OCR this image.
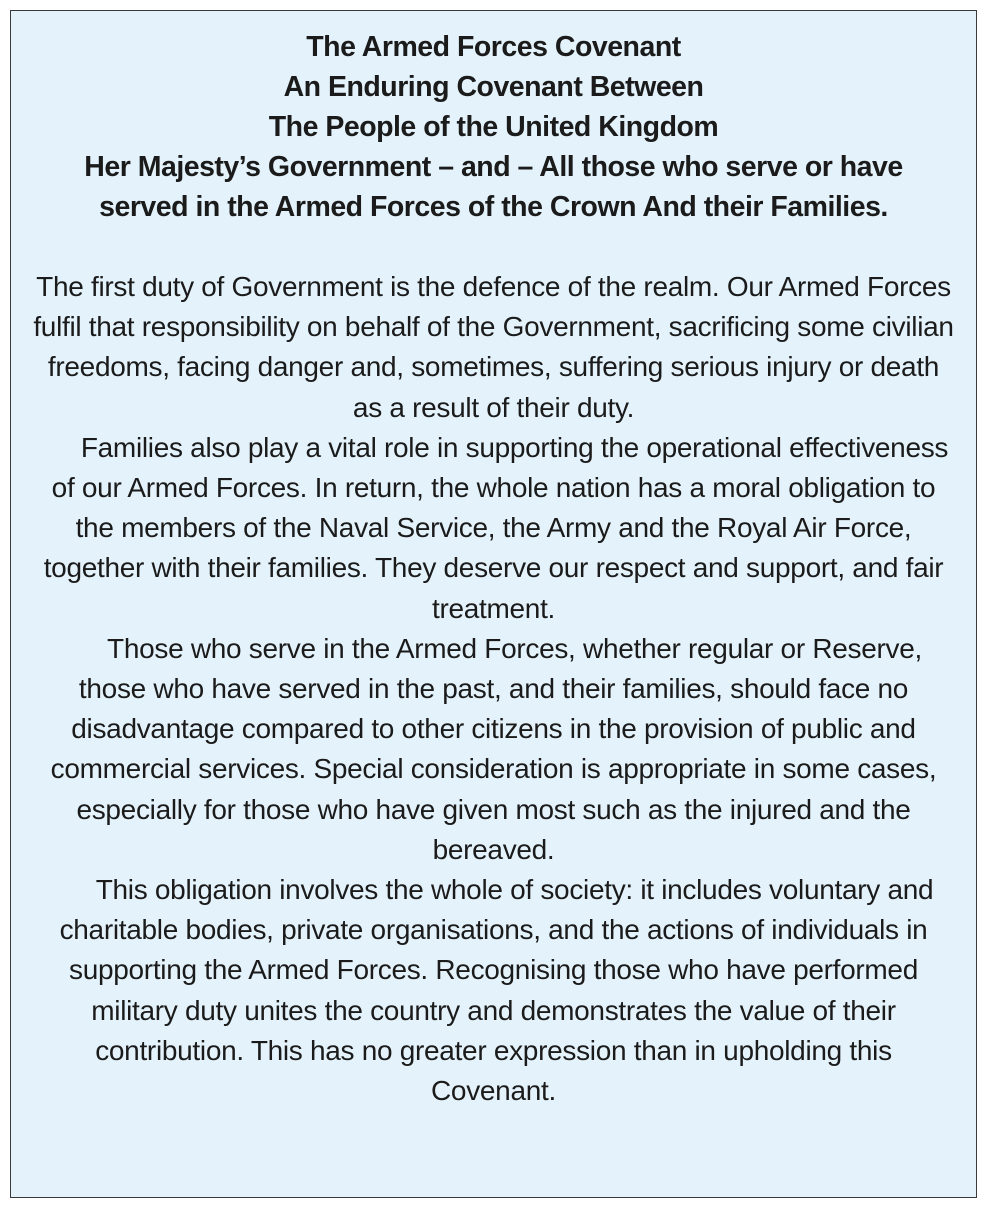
The Armed Forces Covenant
An Enduring Covenant Between
The People of the United Kingdom
Her Majesty’s Government – and – All those who serve or have served in the Armed Forces of the Crown And their Families.

The first duty of Government is the defence of the realm. Our Armed Forces fulfil that responsibility on behalf of the Government, sacrificing some civilian freedoms, facing danger and, sometimes, suffering serious injury or death as a result of their duty.

Families also play a vital role in supporting the operational effectiveness of our Armed Forces. In return, the whole nation has a moral obligation to the members of the Naval Service, the Army and the Royal Air Force, together with their families. They deserve our respect and support, and fair treatment.

Those who serve in the Armed Forces, whether regular or Reserve, those who have served in the past, and their families, should face no disadvantage compared to other citizens in the provision of public and commercial services. Special consideration is appropriate in some cases, especially for those who have given most such as the injured and the bereaved.

This obligation involves the whole of society: it includes voluntary and charitable bodies, private organisations, and the actions of individuals in supporting the Armed Forces. Recognising those who have performed military duty unites the country and demonstrates the value of their contribution. This has no greater expression than in upholding this Covenant.
